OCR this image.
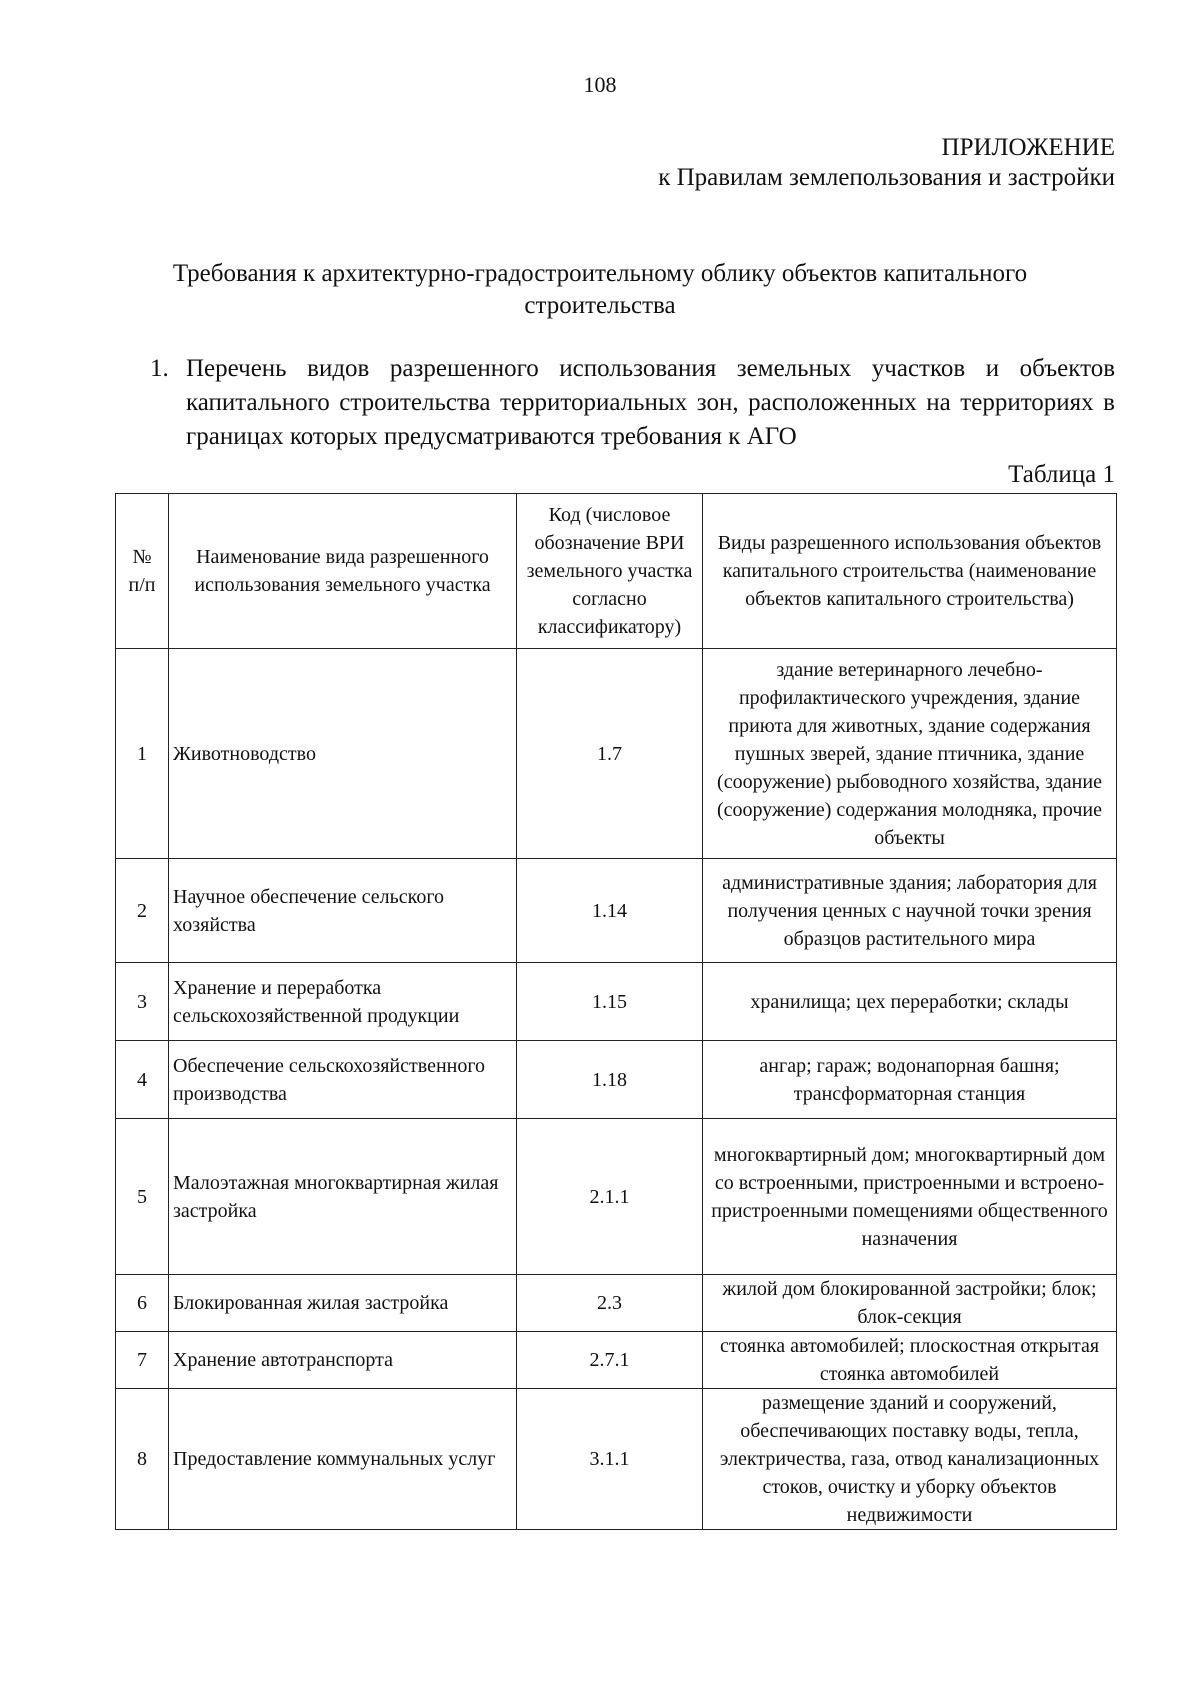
108
ПРИЛОЖЕНИЕ
к Правилам землепользования и застройки
Требования к архитектурно-градостроительному облику объектов капитального строительства
1. Перечень видов разрешенного использования земельных участков и объектов капитального строительства территориальных зон, расположенных на территориях в границах которых предусматриваются требования к АГО
Таблица 1
№ п/п	Наименование вида разрешенного использования земельного участка	Код (числовое обозначение ВРИ земельного участка согласно классификатору)	Виды разрешенного использования объектов капитального строительства (наименование объектов капитального строительства)
1	Животноводство	1.7	здание ветеринарного лечебно-профилактического учреждения, здание приюта для животных, здание содержания пушных зверей, здание птичника, здание (сооружение) рыбоводного хозяйства, здание (сооружение) содержания молодняка, прочие объекты
2	Научное обеспечение сельского хозяйства	1.14	административные здания; лаборатория для получения ценных с научной точки зрения образцов растительного мира
3	Хранение и переработка сельскохозяйственной продукции	1.15	хранилища; цех переработки; склады
4	Обеспечение сельскохозяйственного производства	1.18	ангар; гараж; водонапорная башня; трансформаторная станция
5	Малоэтажная многоквартирная жилая застройка	2.1.1	многоквартирный дом; многоквартирный дом со встроенными, пристроенными и встроено-пристроенными помещениями общественного назначения
6	Блокированная жилая застройка	2.3	жилой дом блокированной застройки; блок; блок-секция
7	Хранение автотранспорта	2.7.1	стоянка автомобилей; плоскостная открытая стоянка автомобилей
8	Предоставление коммунальных услуг	3.1.1	размещение зданий и сооружений, обеспечивающих поставку воды, тепла, электричества, газа, отвод канализационных стоков, очистку и уборку объектов недвижимости
